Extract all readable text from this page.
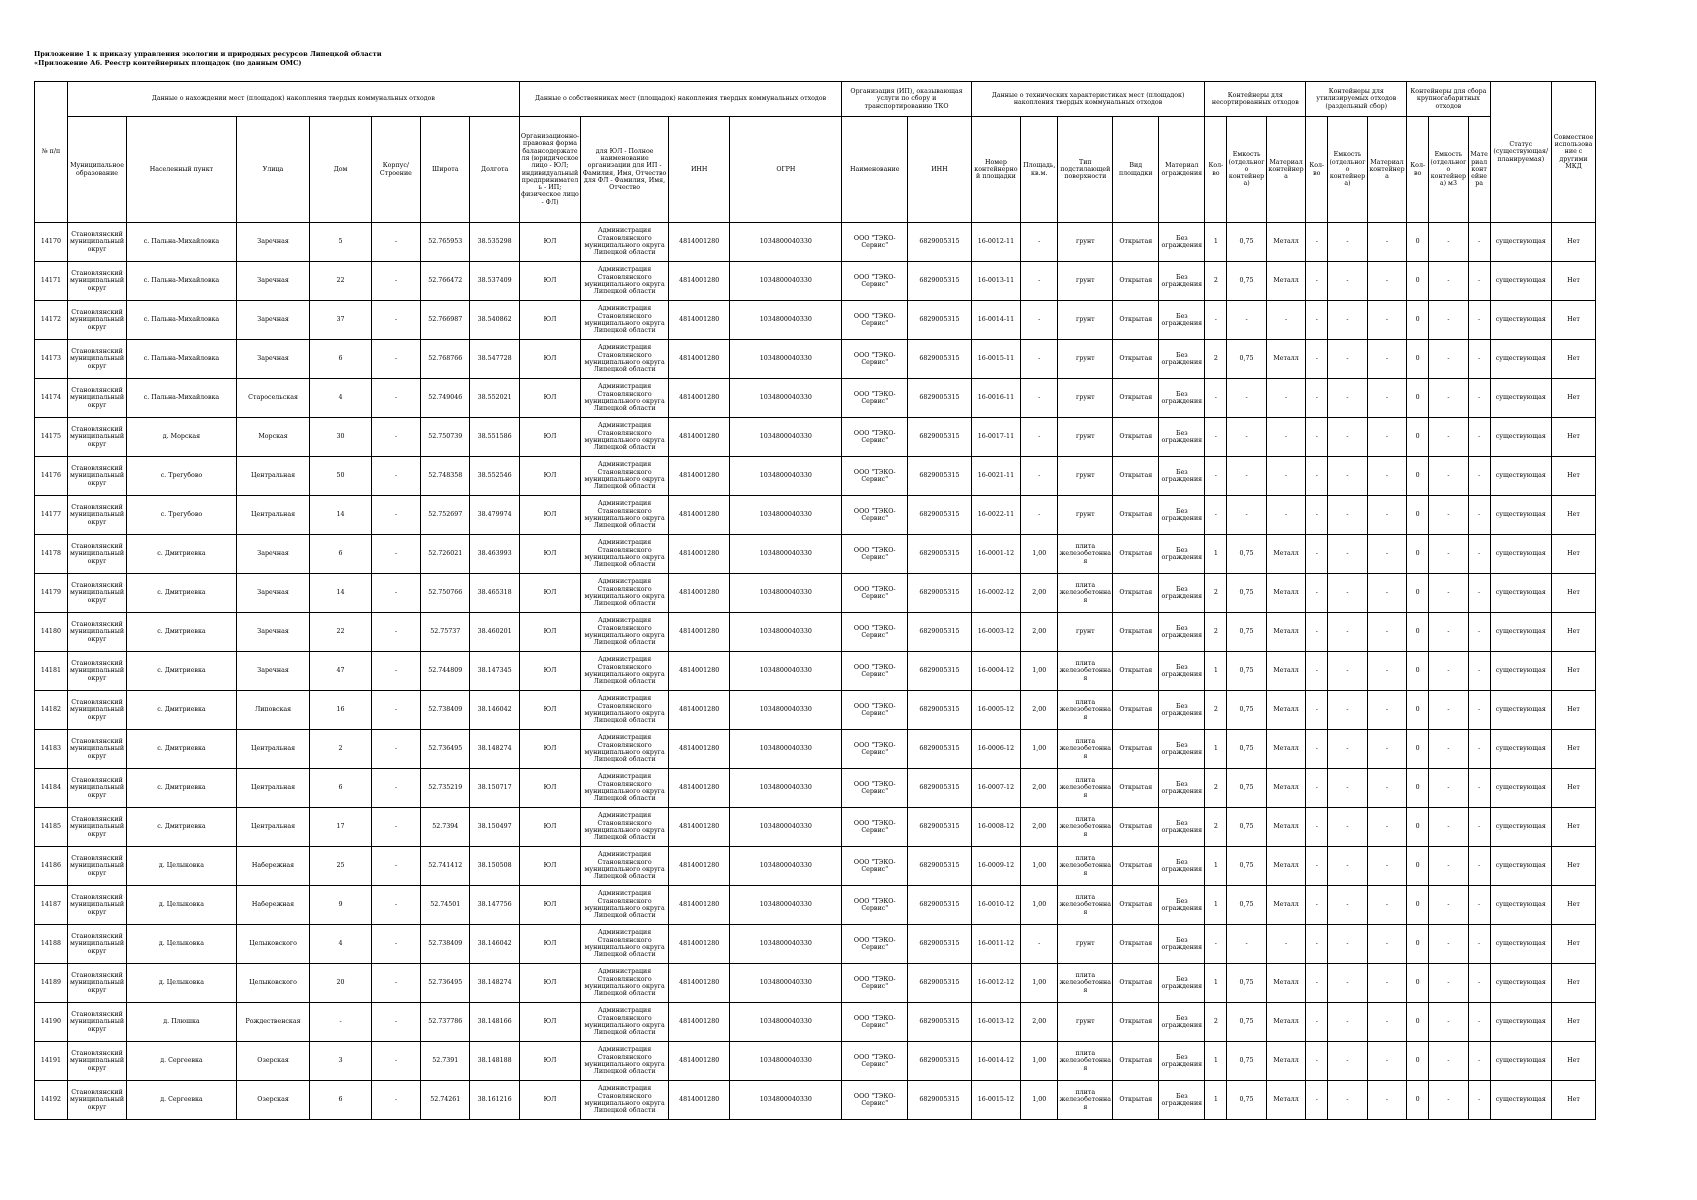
Приложение 1 к приказу управления экологии и природных ресурсов Липецкой области
«Приложение А6. Реестр контейнерных площадок (по данным ОМС)
№ п/п	Данные о нахождении мест (площадок) накопления твердых коммунальных отходов							Данные о собственниках мест (площадок) накопления твердых коммунальных отходов				Организация (ИП), оказывающая услуги по сбору и транспортированию ТКО		Данные о технических характеристиках мест (площадок) накопления твердых коммунальных отходов					Контейнеры для несортированных отходов			Контейнеры для утилизируемых отходов (раздельный сбор)			Контейнеры для сбора крупногабаритных отходов			Статус (существующая/ планируемая)	Совместное использование с другими МКД
	Муниципальное образование	Населенный пункт	Улица	Дом	Корпус/Строение	Широта	Долгота	Организационно-правовая форма балансодержателя (юридическое лицо - ЮЛ; индивидуальный предприниматель - ИП; физическое лицо - ФЛ)	для ЮЛ - Полное наименование организации для ИП - Фамилия, Имя, Отчество для ФЛ - Фамилия, Имя, Отчество	ИНН	ОГРН	Наименование	ИНН	Номер контейнерной площадки	Площадь, кв.м.	Тип подстилающей поверхности	Вид площадки	Материал ограждения	Кол-во	Емкость (отдельного контейнера)	Материал контейнера	Кол-во	Емкость (отдельного контейнера)	Материал контейнера	Кол-во	Емкость (отдельного контейнера) м3	Материал контейнера		
14170	Становлянский муниципальный округ	с. Пальна-Михайловка	Заречная	5	-	52.765953	38.535298	ЮЛ	Администрация Становлянского муниципального округа Липецкой области	4814001280	1034800040330	ООО "ТЭКО-Сервис"	6829005315	16-0012-11	-	грунт	Открытая	Без ограждения	1	0,75	Металл	-	-	-	0	-	-	существующая	Нет
14171	Становлянский муниципальный округ	с. Пальна-Михайловка	Заречная	22	-	52.766472	38.537409	ЮЛ	Администрация Становлянского муниципального округа Липецкой области	4814001280	1034800040330	ООО "ТЭКО-Сервис"	6829005315	16-0013-11	-	грунт	Открытая	Без ограждения	2	0,75	Металл	-	-	-	0	-	-	существующая	Нет
14172	Становлянский муниципальный округ	с. Пальна-Михайловка	Заречная	37	-	52.766987	38.540862	ЮЛ	Администрация Становлянского муниципального округа Липецкой области	4814001280	1034800040330	ООО "ТЭКО-Сервис"	6829005315	16-0014-11	-	грунт	Открытая	Без ограждения	-	-	-	-	-	-	0	-	-	существующая	Нет
14173	Становлянский муниципальный округ	с. Пальна-Михайловка	Заречная	6	-	52.768766	38.547728	ЮЛ	Администрация Становлянского муниципального округа Липецкой области	4814001280	1034800040330	ООО "ТЭКО-Сервис"	6829005315	16-0015-11	-	грунт	Открытая	Без ограждения	2	0,75	Металл	-	-	-	0	-	-	существующая	Нет
14174	Становлянский муниципальный округ	с. Пальна-Михайловка	Старосельская	4	-	52.749046	38.552021	ЮЛ	Администрация Становлянского муниципального округа Липецкой области	4814001280	1034800040330	ООО "ТЭКО-Сервис"	6829005315	16-0016-11	-	грунт	Открытая	Без ограждения	-	-	-	-	-	-	0	-	-	существующая	Нет
14175	Становлянский муниципальный округ	д. Морская	Морская	30	-	52.750739	38.551586	ЮЛ	Администрация Становлянского муниципального округа Липецкой области	4814001280	1034800040330	ООО "ТЭКО-Сервис"	6829005315	16-0017-11	-	грунт	Открытая	Без ограждения	-	-	-	-	-	-	0	-	-	существующая	Нет
14176	Становлянский муниципальный округ	с. Трегубово	Центральная	50	-	52.748358	38.552546	ЮЛ	Администрация Становлянского муниципального округа Липецкой области	4814001280	1034800040330	ООО "ТЭКО-Сервис"	6829005315	16-0021-11	-	грунт	Открытая	Без ограждения	-	-	-	-	-	-	0	-	-	существующая	Нет
14177	Становлянский муниципальный округ	с. Трегубово	Центральная	14	-	52.752697	38.479974	ЮЛ	Администрация Становлянского муниципального округа Липецкой области	4814001280	1034800040330	ООО "ТЭКО-Сервис"	6829005315	16-0022-11	-	грунт	Открытая	Без ограждения	-	-	-	-	-	-	0	-	-	существующая	Нет
14178	Становлянский муниципальный округ	с. Дмитриевка	Заречная	6	-	52.726021	38.463993	ЮЛ	Администрация Становлянского муниципального округа Липецкой области	4814001280	1034800040330	ООО "ТЭКО-Сервис"	6829005315	16-0001-12	1,00	плита железобетонная	Открытая	Без ограждения	1	0,75	Металл	-	-	-	0	-	-	существующая	Нет
14179	Становлянский муниципальный округ	с. Дмитриевка	Заречная	14	-	52.750766	38.465318	ЮЛ	Администрация Становлянского муниципального округа Липецкой области	4814001280	1034800040330	ООО "ТЭКО-Сервис"	6829005315	16-0002-12	2,00	плита железобетонная	Открытая	Без ограждения	2	0,75	Металл	-	-	-	0	-	-	существующая	Нет
14180	Становлянский муниципальный округ	с. Дмитриевка	Заречная	22	-	52.75737	38.460201	ЮЛ	Администрация Становлянского муниципального округа Липецкой области	4814001280	1034800040330	ООО "ТЭКО-Сервис"	6829005315	16-0003-12	2,00	грунт	Открытая	Без ограждения	2	0,75	Металл	-	-	-	0	-	-	существующая	Нет
14181	Становлянский муниципальный округ	с. Дмитриевка	Заречная	47	-	52.744809	38.147345	ЮЛ	Администрация Становлянского муниципального округа Липецкой области	4814001280	1034800040330	ООО "ТЭКО-Сервис"	6829005315	16-0004-12	1,00	плита железобетонная	Открытая	Без ограждения	1	0,75	Металл	-	-	-	0	-	-	существующая	Нет
14182	Становлянский муниципальный округ	с. Дмитриевка	Липовская	16	-	52.738409	38.146042	ЮЛ	Администрация Становлянского муниципального округа Липецкой области	4814001280	1034800040330	ООО "ТЭКО-Сервис"	6829005315	16-0005-12	2,00	плита железобетонная	Открытая	Без ограждения	2	0,75	Металл	-	-	-	0	-	-	существующая	Нет
14183	Становлянский муниципальный округ	с. Дмитриевка	Центральная	2	-	52.736495	38.148274	ЮЛ	Администрация Становлянского муниципального округа Липецкой области	4814001280	1034800040330	ООО "ТЭКО-Сервис"	6829005315	16-0006-12	1,00	плита железобетонная	Открытая	Без ограждения	1	0,75	Металл	-	-	-	0	-	-	существующая	Нет
14184	Становлянский муниципальный округ	с. Дмитриевка	Центральная	6	-	52.735219	38.150717	ЮЛ	Администрация Становлянского муниципального округа Липецкой области	4814001280	1034800040330	ООО "ТЭКО-Сервис"	6829005315	16-0007-12	2,00	плита железобетонная	Открытая	Без ограждения	2	0,75	Металл	-	-	-	0	-	-	существующая	Нет
14185	Становлянский муниципальный округ	с. Дмитриевка	Центральная	17	-	52.7394	38.150497	ЮЛ	Администрация Становлянского муниципального округа Липецкой области	4814001280	1034800040330	ООО "ТЭКО-Сервис"	6829005315	16-0008-12	2,00	плита железобетонная	Открытая	Без ограждения	2	0,75	Металл	-	-	-	0	-	-	существующая	Нет
14186	Становлянский муниципальный округ	д. Целыковка	Набережная	25	-	52.741412	38.150508	ЮЛ	Администрация Становлянского муниципального округа Липецкой области	4814001280	1034800040330	ООО "ТЭКО-Сервис"	6829005315	16-0009-12	1,00	плита железобетонная	Открытая	Без ограждения	1	0,75	Металл	-	-	-	0	-	-	существующая	Нет
14187	Становлянский муниципальный округ	д. Целыковка	Набережная	9	-	52.74501	38.147756	ЮЛ	Администрация Становлянского муниципального округа Липецкой области	4814001280	1034800040330	ООО "ТЭКО-Сервис"	6829005315	16-0010-12	1,00	плита железобетонная	Открытая	Без ограждения	1	0,75	Металл	-	-	-	0	-	-	существующая	Нет
14188	Становлянский муниципальный округ	д. Целыковка	Целыковского	4	-	52.738409	38.146042	ЮЛ	Администрация Становлянского муниципального округа Липецкой области	4814001280	1034800040330	ООО "ТЭКО-Сервис"	6829005315	16-0011-12	-	грунт	Открытая	Без ограждения	-	-	-	-	-	-	0	-	-	существующая	Нет
14189	Становлянский муниципальный округ	д. Целыковка	Целыковского	20	-	52.736495	38.148274	ЮЛ	Администрация Становлянского муниципального округа Липецкой области	4814001280	1034800040330	ООО "ТЭКО-Сервис"	6829005315	16-0012-12	1,00	плита железобетонная	Открытая	Без ограждения	1	0,75	Металл	-	-	-	0	-	-	существующая	Нет
14190	Становлянский муниципальный округ	д. Плюшка	Рождественская	-	-	52.737786	38.148166	ЮЛ	Администрация Становлянского муниципального округа Липецкой области	4814001280	1034800040330	ООО "ТЭКО-Сервис"	6829005315	16-0013-12	2,00	грунт	Открытая	Без ограждения	2	0,75	Металл	-	-	-	0	-	-	существующая	Нет
14191	Становлянский муниципальный округ	д. Сергеевка	Озерская	3	-	52.7391	38.148188	ЮЛ	Администрация Становлянского муниципального округа Липецкой области	4814001280	1034800040330	ООО "ТЭКО-Сервис"	6829005315	16-0014-12	1,00	плита железобетонная	Открытая	Без ограждения	1	0,75	Металл	-	-	-	0	-	-	существующая	Нет
14192	Становлянский муниципальный округ	д. Сергеевка	Озерская	6	-	52.74261	38.161216	ЮЛ	Администрация Становлянского муниципального округа Липецкой области	4814001280	1034800040330	ООО "ТЭКО-Сервис"	6829005315	16-0015-12	1,00	плита железобетонная	Открытая	Без ограждения	1	0,75	Металл	-	-	-	0	-	-	существующая	Нет
